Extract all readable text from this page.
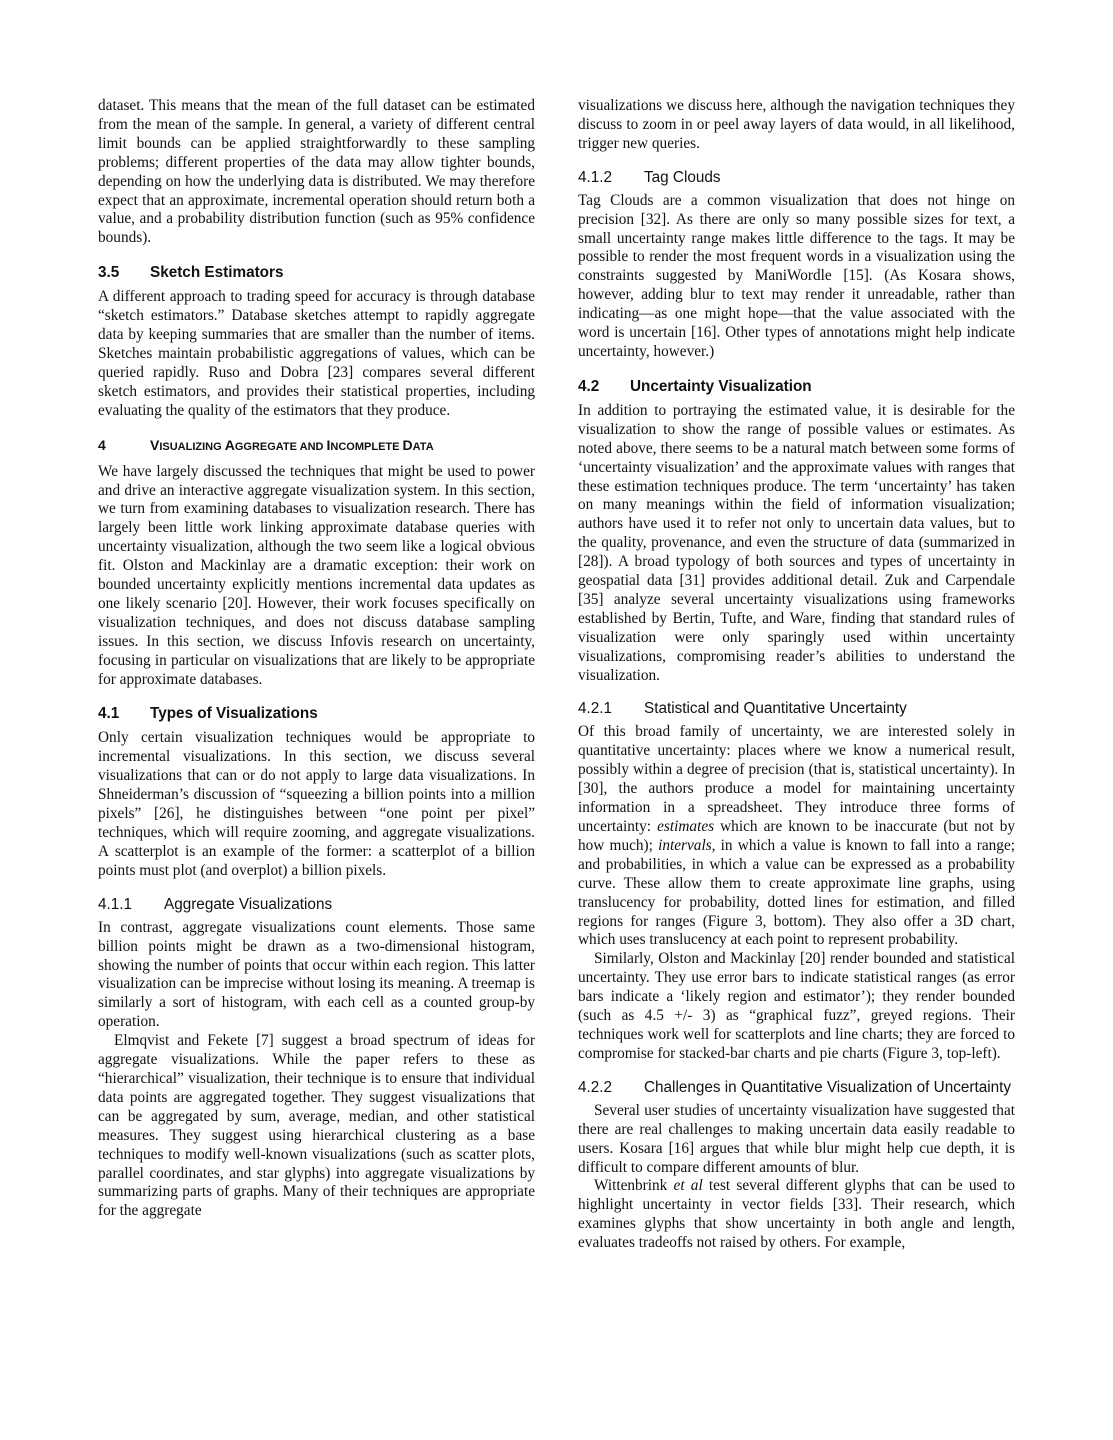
dataset. This means that the mean of the full dataset can be estimated from the mean of the sample. In general, a variety of different central limit bounds can be applied straightforwardly to these sampling problems; different properties of the data may allow tighter bounds, depending on how the underlying data is distributed. We may therefore expect that an approximate, incremental operation should return both a value, and a probability distribution function (such as 95% confidence bounds).

3.5 Sketch Estimators

A different approach to trading speed for accuracy is through database “sketch estimators.” Database sketches attempt to rapidly aggregate data by keeping summaries that are smaller than the number of items. Sketches maintain probabilistic aggregations of values, which can be queried rapidly. Ruso and Dobra [23] compares several different sketch estimators, and provides their statistical properties, including evaluating the quality of the estimators that they produce.

4	VISUALIZING AGGREGATE AND INCOMPLETE DATA

We have largely discussed the techniques that might be used to power and drive an interactive aggregate visualization system. In this section, we turn from examining databases to visualization research. There has largely been little work linking approximate database queries with uncertainty visualization, although the two seem like a logical obvious fit. Olston and Mackinlay are a dramatic exception: their work on bounded uncertainty explicitly mentions incremental data updates as one likely scenario [20]. However, their work focuses specifically on visualization techniques, and does not discuss database sampling issues. In this section, we discuss Infovis research on uncertainty, focusing in particular on visualizations that are likely to be appropriate for approximate databases.

4.1 Types of Visualizations

Only certain visualization techniques would be appropriate to incremental visualizations. In this section, we discuss several visualizations that can or do not apply to large data visualizations. In Shneiderman’s discussion of “squeezing a billion points into a million pixels” [26], he distinguishes between “one point per pixel” techniques, which will require zooming, and aggregate visualizations. A scatterplot is an example of the former: a scatterplot of a billion points must plot (and overplot) a billion pixels.

4.1.1 Aggregate Visualizations

In contrast, aggregate visualizations count elements. Those same billion points might be drawn as a two-dimensional histogram, showing the number of points that occur within each region. This latter visualization can be imprecise without losing its meaning. A treemap is similarly a sort of histogram, with each cell as a counted group-by operation.

Elmqvist and Fekete [7] suggest a broad spectrum of ideas for aggregate visualizations. While the paper refers to these as “hierarchical” visualization, their technique is to ensure that individual data points are aggregated together. They suggest visualizations that can be aggregated by sum, average, median, and other statistical measures. They suggest using hierarchical clustering as a base techniques to modify well-known visualizations (such as scatter plots, parallel coordinates, and star glyphs) into aggregate visualizations by summarizing parts of graphs. Many of their techniques are appropriate for the aggregate

visualizations we discuss here, although the navigation techniques they discuss to zoom in or peel away layers of data would, in all likelihood, trigger new queries.

4.1.2 Tag Clouds

Tag Clouds are a common visualization that does not hinge on precision [32]. As there are only so many possible sizes for text, a small uncertainty range makes little difference to the tags. It may be possible to render the most frequent words in a visualization using the constraints suggested by ManiWordle [15]. (As Kosara shows, however, adding blur to text may render it unreadable, rather than indicating—as one might hope—that the value associated with the word is uncertain [16]. Other types of annotations might help indicate uncertainty, however.)

4.2 Uncertainty Visualization

In addition to portraying the estimated value, it is desirable for the visualization to show the range of possible values or estimates. As noted above, there seems to be a natural match between some forms of ‘uncertainty visualization’ and the approximate values with ranges that these estimation techniques produce. The term ‘uncertainty’ has taken on many meanings within the field of information visualization; authors have used it to refer not only to uncertain data values, but to the quality, provenance, and even the structure of data (summarized in [28]). A broad typology of both sources and types of uncertainty in geospatial data [31] provides additional detail. Zuk and Carpendale [35] analyze several uncertainty visualizations using frameworks established by Bertin, Tufte, and Ware, finding that standard rules of visualization were only sparingly used within uncertainty visualizations, compromising reader’s abilities to understand the visualization.

4.2.1 Statistical and Quantitative Uncertainty

Of this broad family of uncertainty, we are interested solely in quantitative uncertainty: places where we know a numerical result, possibly within a degree of precision (that is, statistical uncertainty). In [30], the authors produce a model for maintaining uncertainty information in a spreadsheet. They introduce three forms of uncertainty: estimates which are known to be inaccurate (but not by how much); intervals, in which a value is known to fall into a range; and probabilities, in which a value can be expressed as a probability curve. These allow them to create approximate line graphs, using translucency for probability, dotted lines for estimation, and filled regions for ranges (Figure 3, bottom). They also offer a 3D chart, which uses translucency at each point to represent probability.

Similarly, Olston and Mackinlay [20] render bounded and statistical uncertainty. They use error bars to indicate statistical ranges (as error bars indicate a ‘likely region and estimator’); they render bounded (such as 4.5 +/- 3) as “graphical fuzz”, greyed regions. Their techniques work well for scatterplots and line charts; they are forced to compromise for stacked-bar charts and pie charts (Figure 3, top-left).

4.2.2	Challenges in Quantitative Visualization of Uncertainty

Several user studies of uncertainty visualization have suggested that there are real challenges to making uncertain data easily readable to users. Kosara [16] argues that while blur might help cue depth, it is difficult to compare different amounts of blur.

Wittenbrink et al test several different glyphs that can be used to highlight uncertainty in vector fields [33]. Their research, which examines glyphs that show uncertainty in both angle and length, evaluates tradeoffs not raised by others. For example,
